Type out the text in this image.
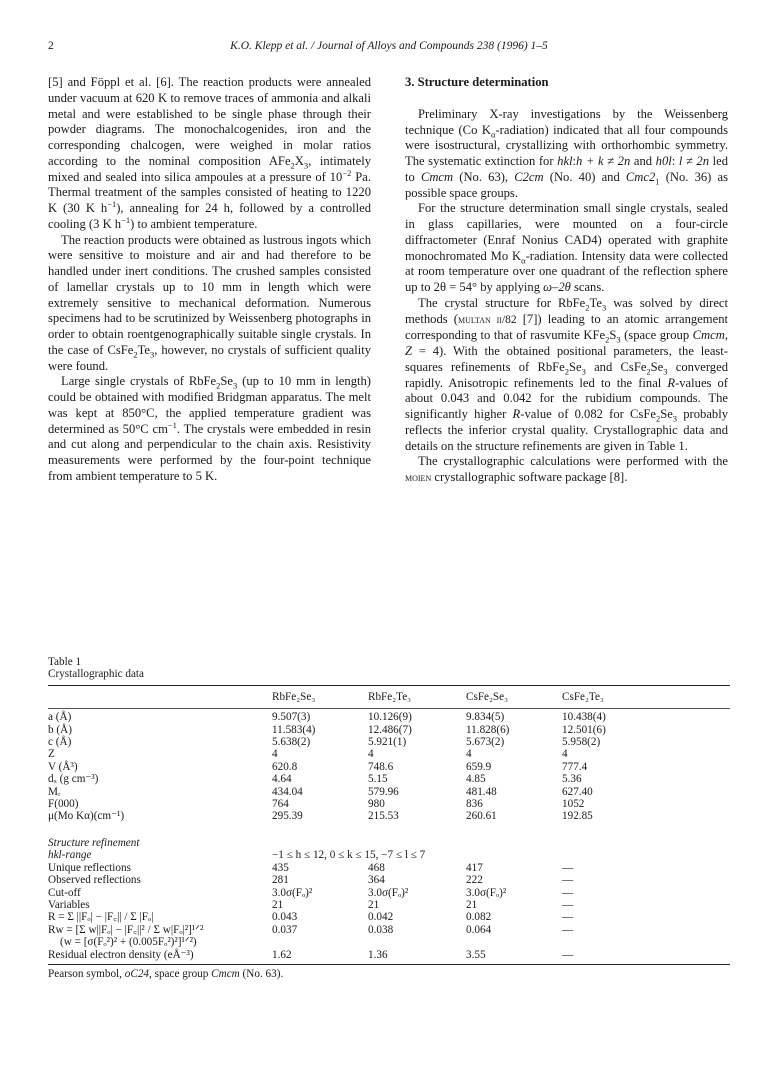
2	K.O. Klepp et al. / Journal of Alloys and Compounds 238 (1996) 1–5

[5] and Föppl et al. [6]. The reaction products were annealed under vacuum at 620 K to remove traces of ammonia and alkali metal and were established to be single phase through their powder diagrams. The monochalcogenides, iron and the corresponding chalcogen, were weighed in molar ratios according to the nominal composition $AFe_2X_3$, intimately mixed and sealed into silica ampoules at a pressure of $10^{-2}$ Pa. Thermal treatment of the samples consisted of heating to 1220 K (30 K $h^{-1}$), annealing for 24 h, followed by a controlled cooling (3 K $h^{-1}$) to ambient temperature.

The reaction products were obtained as lustrous ingots which were sensitive to moisture and air and had therefore to be handled under inert conditions. The crushed samples consisted of lamellar crystals up to 10 mm in length which were extremely sensitive to mechanical deformation. Numerous specimens had to be scrutinized by Weissenberg photographs in order to obtain roentgenographically suitable single crystals. In the case of $CsFe_2Te_3$, however, no crystals of sufficient quality were found.

Large single crystals of $RbFe_2Se_3$ (up to 10 mm in length) could be obtained with modified Bridgman apparatus. The melt was kept at 850°C, the applied temperature gradient was determined as 50°C $cm^{-1}$. The crystals were embedded in resin and cut along and perpendicular to the chain axis. Resistivity measurements were performed by the four-point technique from ambient temperature to 5 K.

3. Structure determination

Preliminary X-ray investigations by the Weissenberg technique (Co $K_\alpha-radiation$) indicated that all four compounds were isostructural, crystallizing with orthorhombic symmetry. The systematic extinction for hkl:h + k ≠ 2n and h0l: l ≠ 2n led to Cmcm (No. 63), C2cm (No. 40) and $Cmc2_1$ (No. 36) as possible space groups.

For the structure determination small single crystals, sealed in glass capillaries, were mounted on a four-circle diffractometer (Enraf Nonius CAD4) operated with graphite monochromated Mo $K_\alpha$-radiation. Intensity data were collected at room temperature over one quadrant of the reflection sphere up to 2θ = 54° by applying ω–2θ scans.

The crystal structure for $RbFe_2Te_3$ was solved by direct methods (multan ii/82 [7]) leading to an atomic arrangement corresponding to that of rasvumite $KFe_2S_3$ (space group Cmcm, Z = 4). With the obtained positional parameters, the least-squares refinements of $RbFe_2Se_3$ and $CsFe_2Se_3$ converged rapidly. Anisotropic refinements led to the final R-values of about 0.043 and 0.042 for the rubidium compounds. The significantly higher R-value of 0.082 for $CsFe_2Se_3$ probably reflects the inferior crystal quality. Crystallographic data and details on the structure refinements are given in Table 1.

The crystallographic calculations were performed with the moien crystallographic software package [8].

Table 1

Crystallographic data

	RbFe₂Se₃	RbFe₂Te₃	CsFe₂Se₃	CsFe₂Te₃
a (Å)	9.507(3)	10.126(9)	9.834(5)	10.438(4)
b (Å)	11.583(4)	12.486(7)	11.828(6)	12.501(6)
c (Å)	5.638(2)	5.921(1)	5.673(2)	5.958(2)
Z	4	4	4	4
V (Å³)	620.8	748.6	659.9	777.4
dₓ (g cm⁻³)	4.64	5.15	4.85	5.36
Mᵣ	434.04	579.96	481.48	627.40
F(000)	764	980	836	1052
μ(Mo Kα)(cm⁻¹)	295.39	215.53	260.61	192.85

Structure refinement				
hkl-range	−1 ≤ h ≤ 12, 0 ≤ k ≤ 15, −7 ≤ l ≤ 7			
Unique reflections	435	468	417	—
Observed reflections	281	364	222	—
Cut-off	3.0σ(Fₒ)²	3.0σ(Fₒ)²	3.0σ(Fₒ)²	—
Variables	21	21	21	—
R = Σ ||Fₒ| − |F꜀|| / Σ |Fₒ|	0.043	0.042	0.082	—
Rw = [Σ w||Fₒ| − |F꜀||² / Σ w|Fₒ|²]¹ᐟ²	0.037	0.038	0.064	—
(w = [σ(Fₒ²)² + (0.005Fₒ²)²]¹ᐟ²)				
Residual electron density (eÅ⁻³)	1.62	1.36	3.55	—

Pearson symbol, oC24, space group Cmcm (No. 63).
